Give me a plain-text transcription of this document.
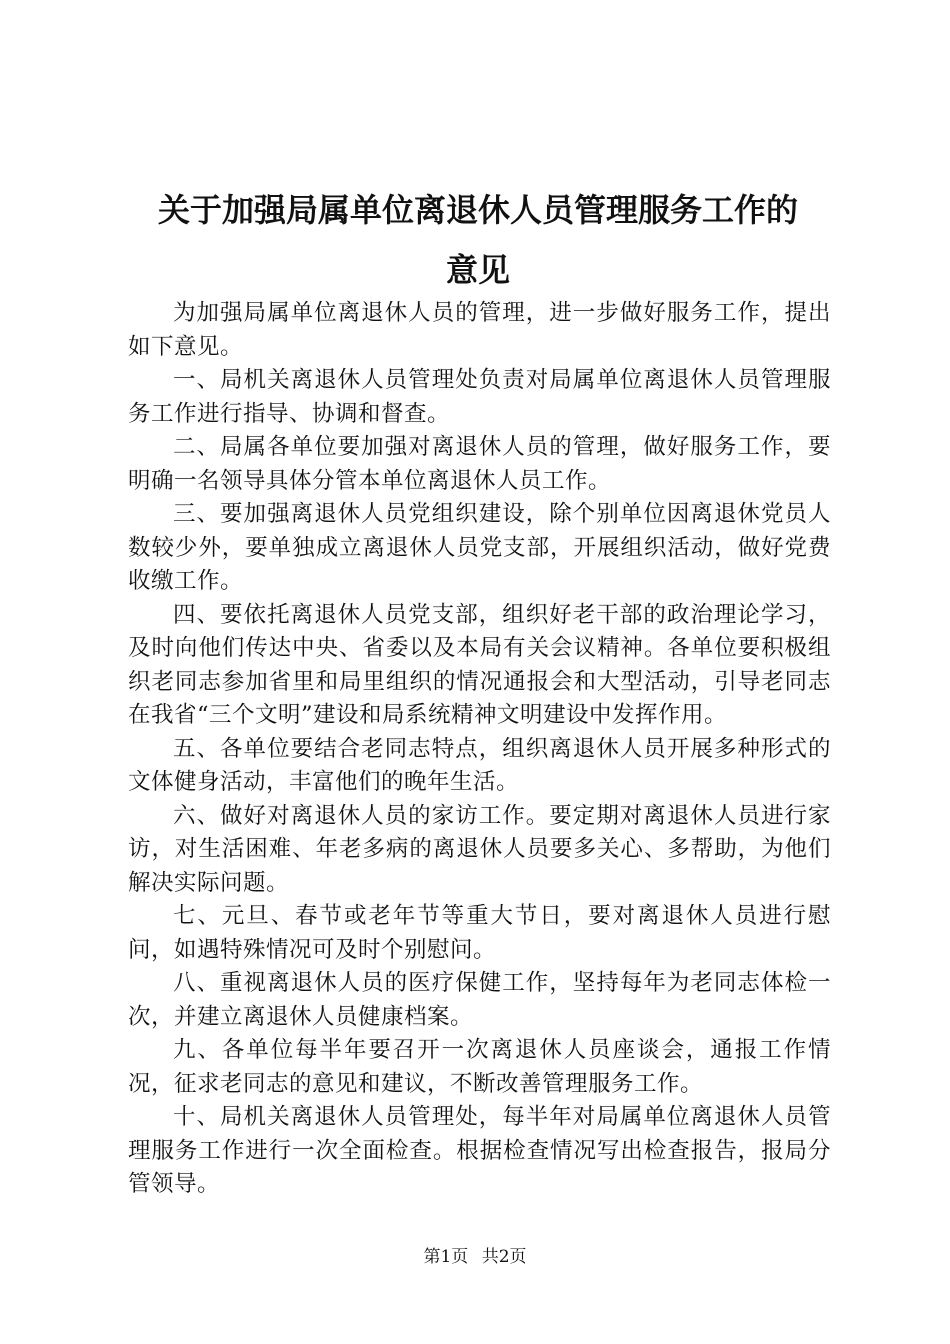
关于加强局属单位离退休人员管理服务工作的
意见

为加强局属单位离退休人员的管理，进一步做好服务工作，提出如下意见。

一、局机关离退休人员管理处负责对局属单位离退休人员管理服务工作进行指导、协调和督查。

二、局属各单位要加强对离退休人员的管理，做好服务工作，要明确一名领导具体分管本单位离退休人员工作。

三、要加强离退休人员党组织建设，除个别单位因离退休党员人数较少外，要单独成立离退休人员党支部，开展组织活动，做好党费收缴工作。

四、要依托离退休人员党支部，组织好老干部的政治理论学习，及时向他们传达中央、省委以及本局有关会议精神。各单位要积极组织老同志参加省里和局里组织的情况通报会和大型活动，引导老同志在我省“三个文明”建设和局系统精神文明建设中发挥作用。

五、各单位要结合老同志特点，组织离退休人员开展多种形式的文体健身活动，丰富他们的晚年生活。

六、做好对离退休人员的家访工作。要定期对离退休人员进行家访，对生活困难、年老多病的离退休人员要多关心、多帮助，为他们解决实际问题。

七、元旦、春节或老年节等重大节日，要对离退休人员进行慰问，如遇特殊情况可及时个别慰问。

八、重视离退休人员的医疗保健工作，坚持每年为老同志体检一次，并建立离退休人员健康档案。

九、各单位每半年要召开一次离退休人员座谈会，通报工作情况，征求老同志的意见和建议，不断改善管理服务工作。

十、局机关离退休人员管理处，每半年对局属单位离退休人员管理服务工作进行一次全面检查。根据检查情况写出检查报告，报局分管领导。

第1页 共2页
